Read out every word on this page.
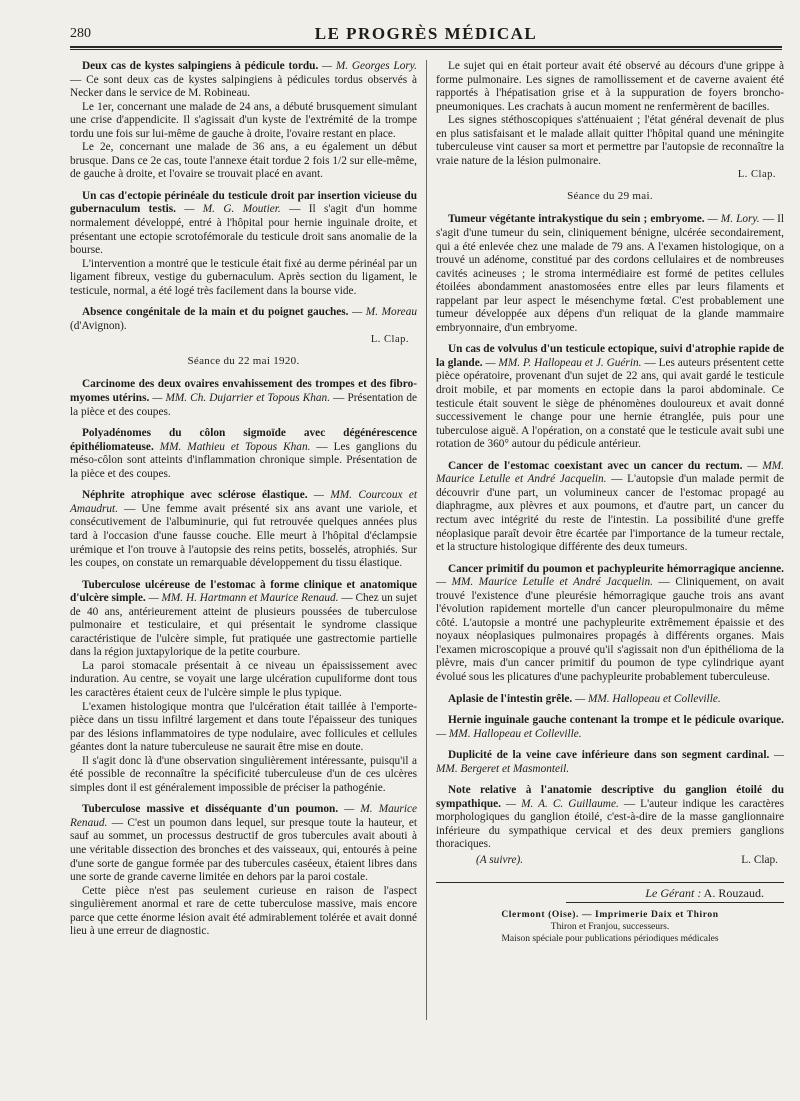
280	LE PROGRÈS MÉDICAL

Deux cas de kystes salpingiens à pédicule tordu. — M. Georges Lory. — Ce sont deux cas de kystes salpingiens à pédicules tordus observés à Necker dans le service de M. Robineau.

Le 1er, concernant une malade de 24 ans, a débuté brusquement simulant une crise d'appendicite. Il s'agissait d'un kyste de l'extrémité de la trompe tordu une fois sur lui-même de gauche à droite, l'ovaire restant en place.

Le 2e, concernant une malade de 36 ans, a eu également un début brusque. Dans ce 2e cas, toute l'annexe était tordue 2 fois 1/2 sur elle-même, de gauche à droite, et l'ovaire se trouvait placé en avant.

Un cas d'ectopie périnéale du testicule droit par insertion vicieuse du gubernaculum testis. — M. G. Moutier. — Il s'agit d'un homme normalement développé, entré à l'hôpital pour hernie inguinale droite, et présentant une ectopie scrotofémorale du testicule droit sans anomalie de la bourse.

L'intervention a montré que le testicule était fixé au derme périnéal par un ligament fibreux, vestige du gubernaculum. Après section du ligament, le testicule, normal, a été logé très facilement dans la bourse vide.

Absence congénitale de la main et du poignet gauches. — M. Moreau (d'Avignon).

L. Clap.
Séance du 22 mai 1920.

Carcinome des deux ovaires envahissement des trompes et des fibro-myomes utérins. — MM. Ch. Dujarrier et Topous Khan. — Présentation de la pièce et des coupes.

Polyadénomes du côlon sigmoïde avec dégénérescence épithéliomateuse. MM. Mathieu et Topous Khan. — Les ganglions du méso-côlon sont atteints d'inflammation chronique simple. Présentation de la pièce et des coupes.

Néphrite atrophique avec sclérose élastique. — MM. Courcoux et Amaudrut. — Une femme avait présenté six ans avant une variole, et consécutivement de l'albuminurie, qui fut retrouvée quelques années plus tard à l'occasion d'une fausse couche. Elle meurt à l'hôpital d'éclampsie urémique et l'on trouve à l'autopsie des reins petits, bosselés, atrophiés. Sur les coupes, on constate un remarquable développement du tissu élastique.

Tuberculose ulcéreuse de l'estomac à forme clinique et anatomique d'ulcère simple. — MM. H. Hartmann et Maurice Renaud. — Chez un sujet de 40 ans, antérieurement atteint de plusieurs poussées de tuberculose pulmonaire et testiculaire, et qui présentait le syndrome classique caractéristique de l'ulcère simple, fut pratiquée une gastrectomie partielle dans la région juxtapylorique de la petite courbure.

La paroi stomacale présentait à ce niveau un épaississement avec induration. Au centre, se voyait une large ulcération cupuliforme dont tous les caractères étaient ceux de l'ulcère simple le plus typique.

L'examen histologique montra que l'ulcération était taillée à l'emporte-pièce dans un tissu infiltré largement et dans toute l'épaisseur des tuniques par des lésions inflammatoires de type nodulaire, avec follicules et cellules géantes dont la nature tuberculeuse ne saurait être mise en doute.

Il s'agit donc là d'une observation singulièrement intéressante, puisqu'il a été possible de reconnaître la spécificité tuberculeuse d'un de ces ulcères simples dont il est généralement impossible de préciser la pathogénie.

Tuberculose massive et disséquante d'un poumon. — M. Maurice Renaud. — C'est un poumon dans lequel, sur presque toute la hauteur, et sauf au sommet, un processus destructif de gros tubercules avait abouti à une véritable dissection des bronches et des vaisseaux, qui, entourés à peine d'une sorte de gangue formée par des tubercules caséeux, étaient libres dans une sorte de grande caverne limitée en dehors par la paroi costale.

Cette pièce n'est pas seulement curieuse en raison de l'aspect singulièrement anormal et rare de cette tuberculose massive, mais encore parce que cette énorme lésion avait été admirablement tolérée et avait donné lieu à une erreur de diagnostic.

Le sujet qui en était porteur avait été observé au décours d'une grippe à forme pulmonaire. Les signes de ramollissement et de caverne avaient été rapportés à l'hépatisation grise et à la suppuration de foyers broncho-pneumoniques. Les crachats à aucun moment ne renfermèrent de bacilles.

Les signes stéthoscopiques s'atténuaient ; l'état général devenait de plus en plus satisfaisant et le malade allait quitter l'hôpital quand une méningite tuberculeuse vint causer sa mort et permettre par l'autopsie de reconnaître la vraie nature de la lésion pulmonaire.

L. Clap.
Séance du 29 mai.

Tumeur végétante intrakystique du sein ; embryome. — M. Lory. — Il s'agit d'une tumeur du sein, cliniquement bénigne, ulcérée secondairement, qui a été enlevée chez une malade de 79 ans. A l'examen histologique, on a trouvé un adénome, constitué par des cordons cellulaires et de nombreuses cavités acineuses ; le stroma intermédiaire est formé de petites cellules étoilées abondamment anastomosées entre elles par leurs filaments et rappelant par leur aspect le mésenchyme fœtal. C'est probablement une tumeur développée aux dépens d'un reliquat de la glande mammaire embryonnaire, d'un embryome.

Un cas de volvulus d'un testicule ectopique, suivi d'atrophie rapide de la glande. — MM. P. Hallopeau et J. Guérin. — Les auteurs présentent cette pièce opératoire, provenant d'un sujet de 22 ans, qui avait gardé le testicule droit mobile, et par moments en ectopie dans la paroi abdominale. Ce testicule était souvent le siège de phénomènes douloureux et avait donné successivement le change pour une hernie étranglée, puis pour une tuberculose aiguë. A l'opération, on a constaté que le testicule avait subi une rotation de 360° autour du pédicule antérieur.

Cancer de l'estomac coexistant avec un cancer du rectum. — MM. Maurice Letulle et André Jacquelin. — L'autopsie d'un malade permit de découvrir d'une part, un volumineux cancer de l'estomac propagé au diaphragme, aux plèvres et aux poumons, et d'autre part, un cancer du rectum avec intégrité du reste de l'intestin. La possibilité d'une greffe néoplasique paraît devoir être écartée par l'importance de la tumeur rectale, et la structure histologique différente des deux tumeurs.

Cancer primitif du poumon et pachypleurite hémorragique ancienne. — MM. Maurice Letulle et André Jacquelin. — Cliniquement, on avait trouvé l'existence d'une pleurésie hémorragique gauche trois ans avant l'évolution rapidement mortelle d'un cancer pleuropulmonaire du même côté. L'autopsie a montré une pachypleurite extrêmement épaissie et des noyaux néoplasiques pulmonaires propagés à différents organes. Mais l'examen microscopique a prouvé qu'il s'agissait non d'un épithélioma de la plèvre, mais d'un cancer primitif du poumon de type cylindrique ayant évolué sous les plicatures d'une pachypleurite probablement tuberculeuse.

Aplasie de l'intestin grêle. — MM. Hallopeau et Colleville.

Hernie inguinale gauche contenant la trompe et le pédicule ovarique. — MM. Hallopeau et Colleville.

Duplicité de la veine cave inférieure dans son segment cardinal. — MM. Bergeret et Masmonteil.

Note relative à l'anatomie descriptive du ganglion étoilé du sympathique. — M. A. C. Guillaume. — L'auteur indique les caractères morphologiques du ganglion étoilé, c'est-à-dire de la masse ganglionnaire inférieure du sympathique cervical et des deux premiers ganglions thoraciques.

(A suivre).	L. Clap.
Le Gérant : A. Rouzaud.
Clermont (Oise). — Imprimerie Daix et Thiron
Thiron et Franjou, successeurs.
Maison spéciale pour publications périodiques médicales
